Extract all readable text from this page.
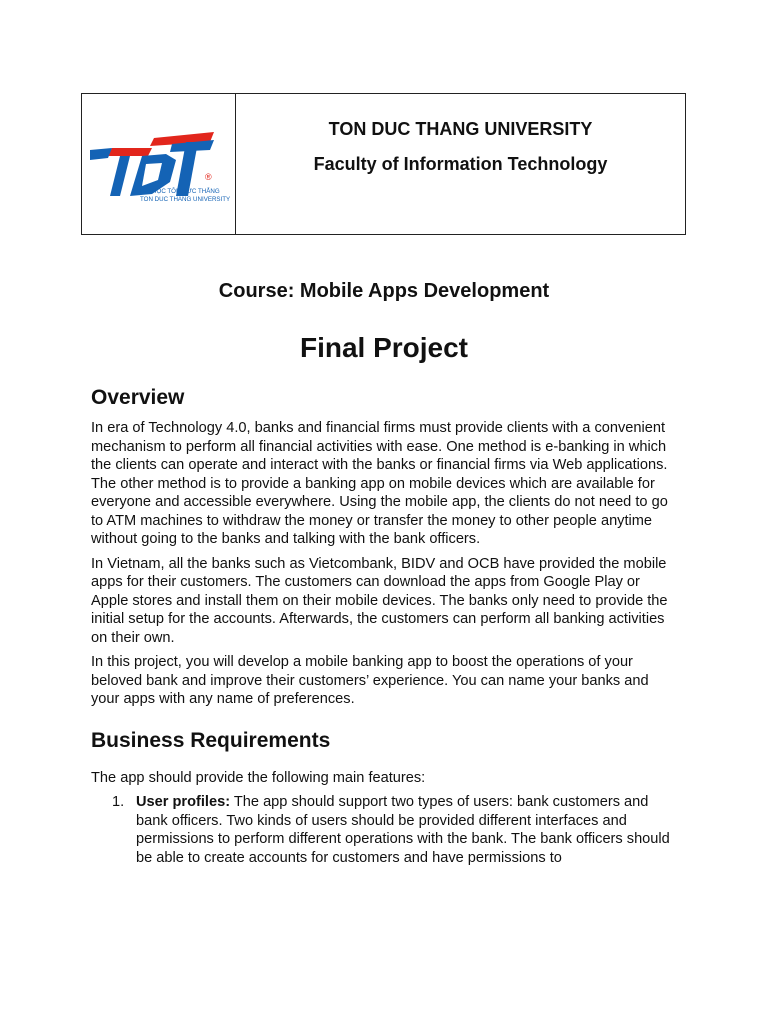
TDT
®
ĐẠI HỌC TÔN ĐỨC THẮNG
TON DUC THANG UNIVERSITY

TON DUC THANG UNIVERSITY

Faculty of Information Technology

Course: Mobile Apps Development
Final Project
Overview

In era of Technology 4.0, banks and financial firms must provide clients with a convenient mechanism to perform all financial activities with ease. One method is e-banking in which the clients can operate and interact with the banks or financial firms via Web applications. The other method is to provide a banking app on mobile devices which are available for everyone and accessible everywhere. Using the mobile app, the clients do not need to go to ATM machines to withdraw the money or transfer the money to other people anytime without going to the banks and talking with the bank officers.

In Vietnam, all the banks such as Vietcombank, BIDV and OCB have provided the mobile apps for their customers. The customers can download the apps from Google Play or Apple stores and install them on their mobile devices. The banks only need to provide the initial setup for the accounts. Afterwards, the customers can perform all banking activities on their own.

In this project, you will develop a mobile banking app to boost the operations of your beloved bank and improve their customers’ experience. You can name your banks and your apps with any name of preferences.

Business Requirements

The app should provide the following main features:

1. User profiles: The app should support two types of users: bank customers and bank officers. Two kinds of users should be provided different interfaces and permissions to perform different operations with the bank. The bank officers should be able to create accounts for customers and have permissions to
